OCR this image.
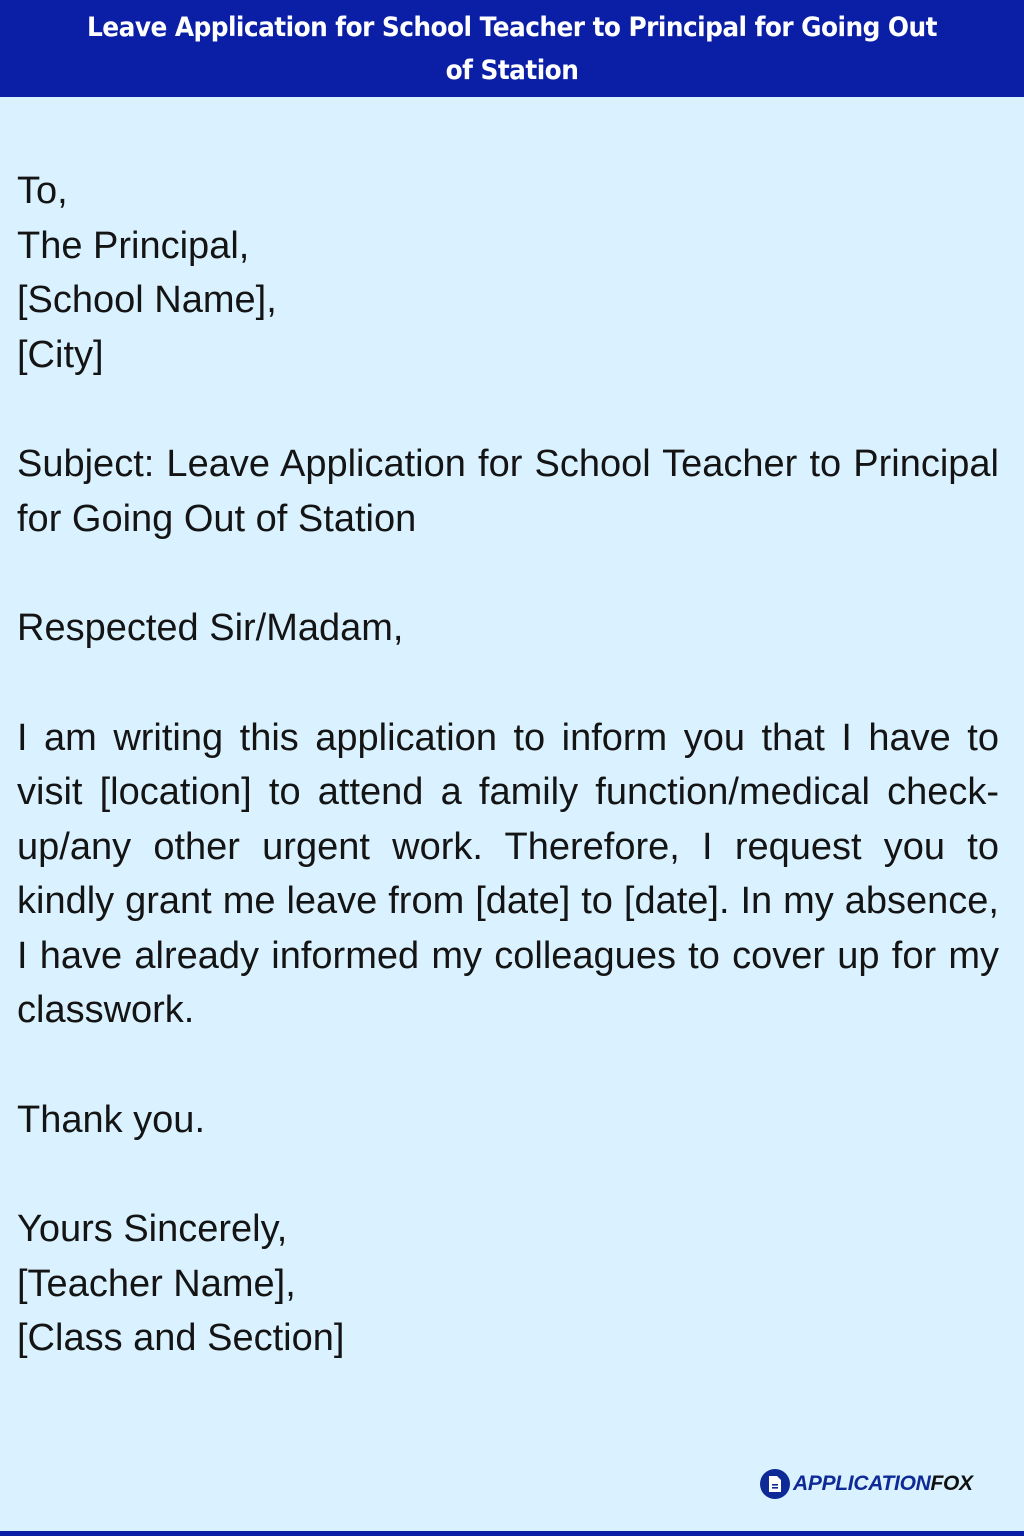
Leave Application for School Teacher to Principal for Going Out of Station
To,
The Principal,
[School Name],
[City]

Subject: Leave Application for School Teacher to Principal for Going Out of Station

Respected Sir/Madam,

I am writing this application to inform you that I have to visit [location] to attend a family function/medical check-up/any other urgent work. Therefore, I request you to kindly grant me leave from [date] to [date]. In my absence, I have already informed my colleagues to cover up for my classwork.

Thank you.

Yours Sincerely,
[Teacher Name],
[Class and Section]
APPLICATION FOX
